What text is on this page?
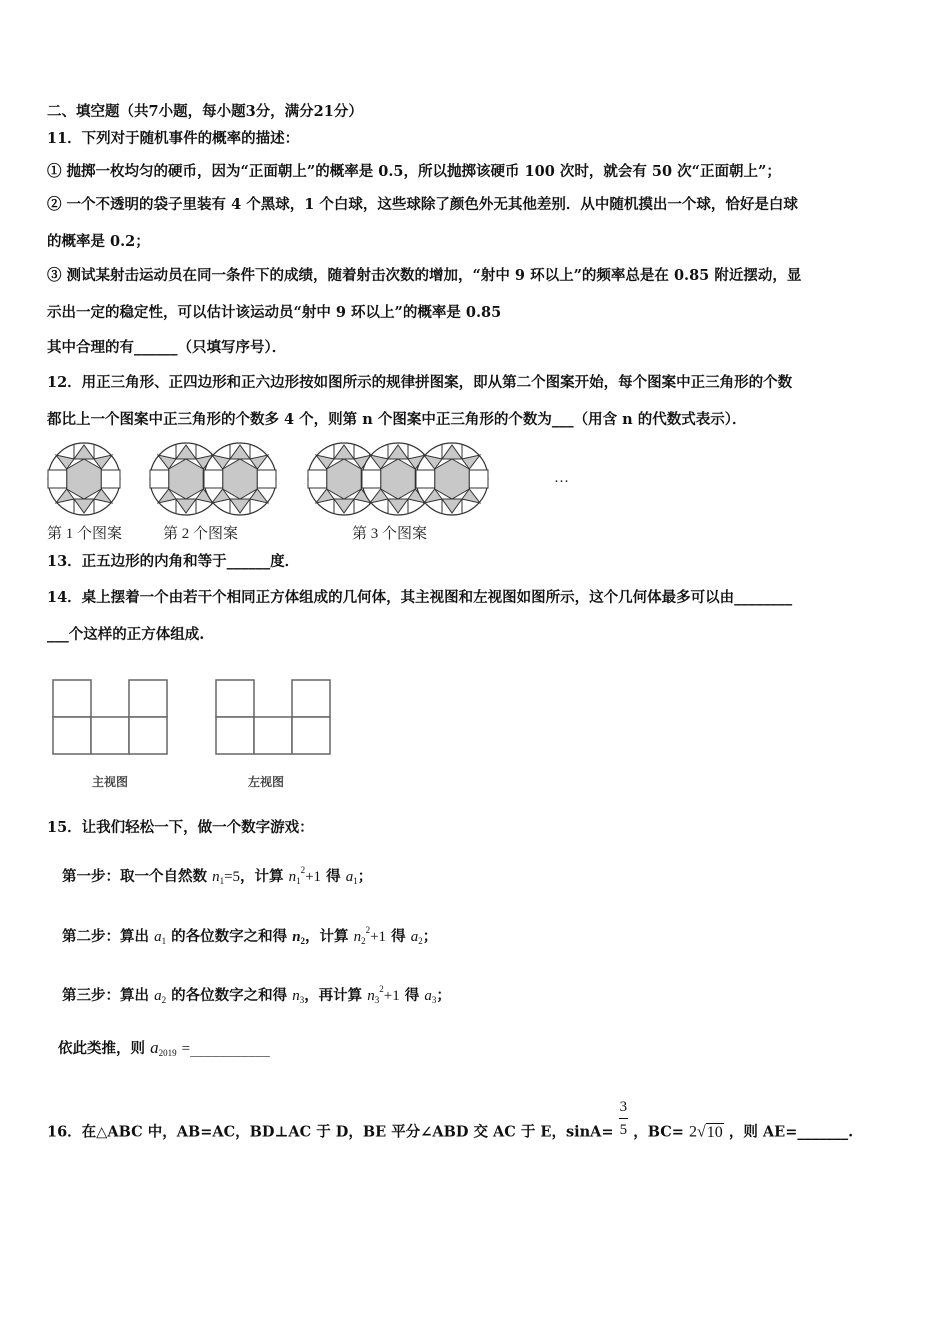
二、填空题（共7小题，每小题3分，满分21分）
11．下列对于随机事件的概率的描述：
① 抛掷一枚均匀的硬币，因为“正面朝上”的概率是 0.5，所以抛掷该硬币 100 次时，就会有 50 次“正面朝上”；
② 一个不透明的袋子里装有 4 个黑球，1 个白球，这些球除了颜色外无其他差别．从中随机摸出一个球，恰好是白球
的概率是 0.2；
③ 测试某射击运动员在同一条件下的成绩，随着射击次数的增加，“射中 9 环以上”的频率总是在 0.85 附近摆动，显
示出一定的稳定性，可以估计该运动员“射中 9 环以上”的概率是 0.85
其中合理的有______（只填写序号）．
12．用正三角形、正四边形和正六边形按如图所示的规律拼图案，即从第二个图案开始，每个图案中正三角形的个数
都比上一个图案中正三角形的个数多 4 个，则第 n 个图案中正三角形的个数为___（用含 n 的代数式表示）．
…
第 1 个图案	第 2 个图案	第 3 个图案
13．正五边形的内角和等于______度．
14．桌上摆着一个由若干个相同正方体组成的几何体，其主视图和左视图如图所示，这个几何体最多可以由________
___个这样的正方体组成.
主视图	左视图
15．让我们轻松一下，做一个数字游戏：
第一步：取一个自然数 $n_1=5$，计算 $n_1^2+1$ 得 $a_1$；
第二步：算出 $a_1$ 的各位数字之和得 $n_2$，计算 $n_2^2+1$ 得 $a_2$；
第三步：算出 $a_2$ 的各位数字之和得 $n_3$，再计算 $n_3^2+1$ 得 $a_3$；
依此类推，则 $a_{2019}$ =___________
16．在△ABC 中，AB=AC，BD⊥AC 于 D，BE 平分∠ABD 交 AC 于 E，$\sin A= \frac{3}{5}$ ，BC= 2√10 ，则 AE=_______.
